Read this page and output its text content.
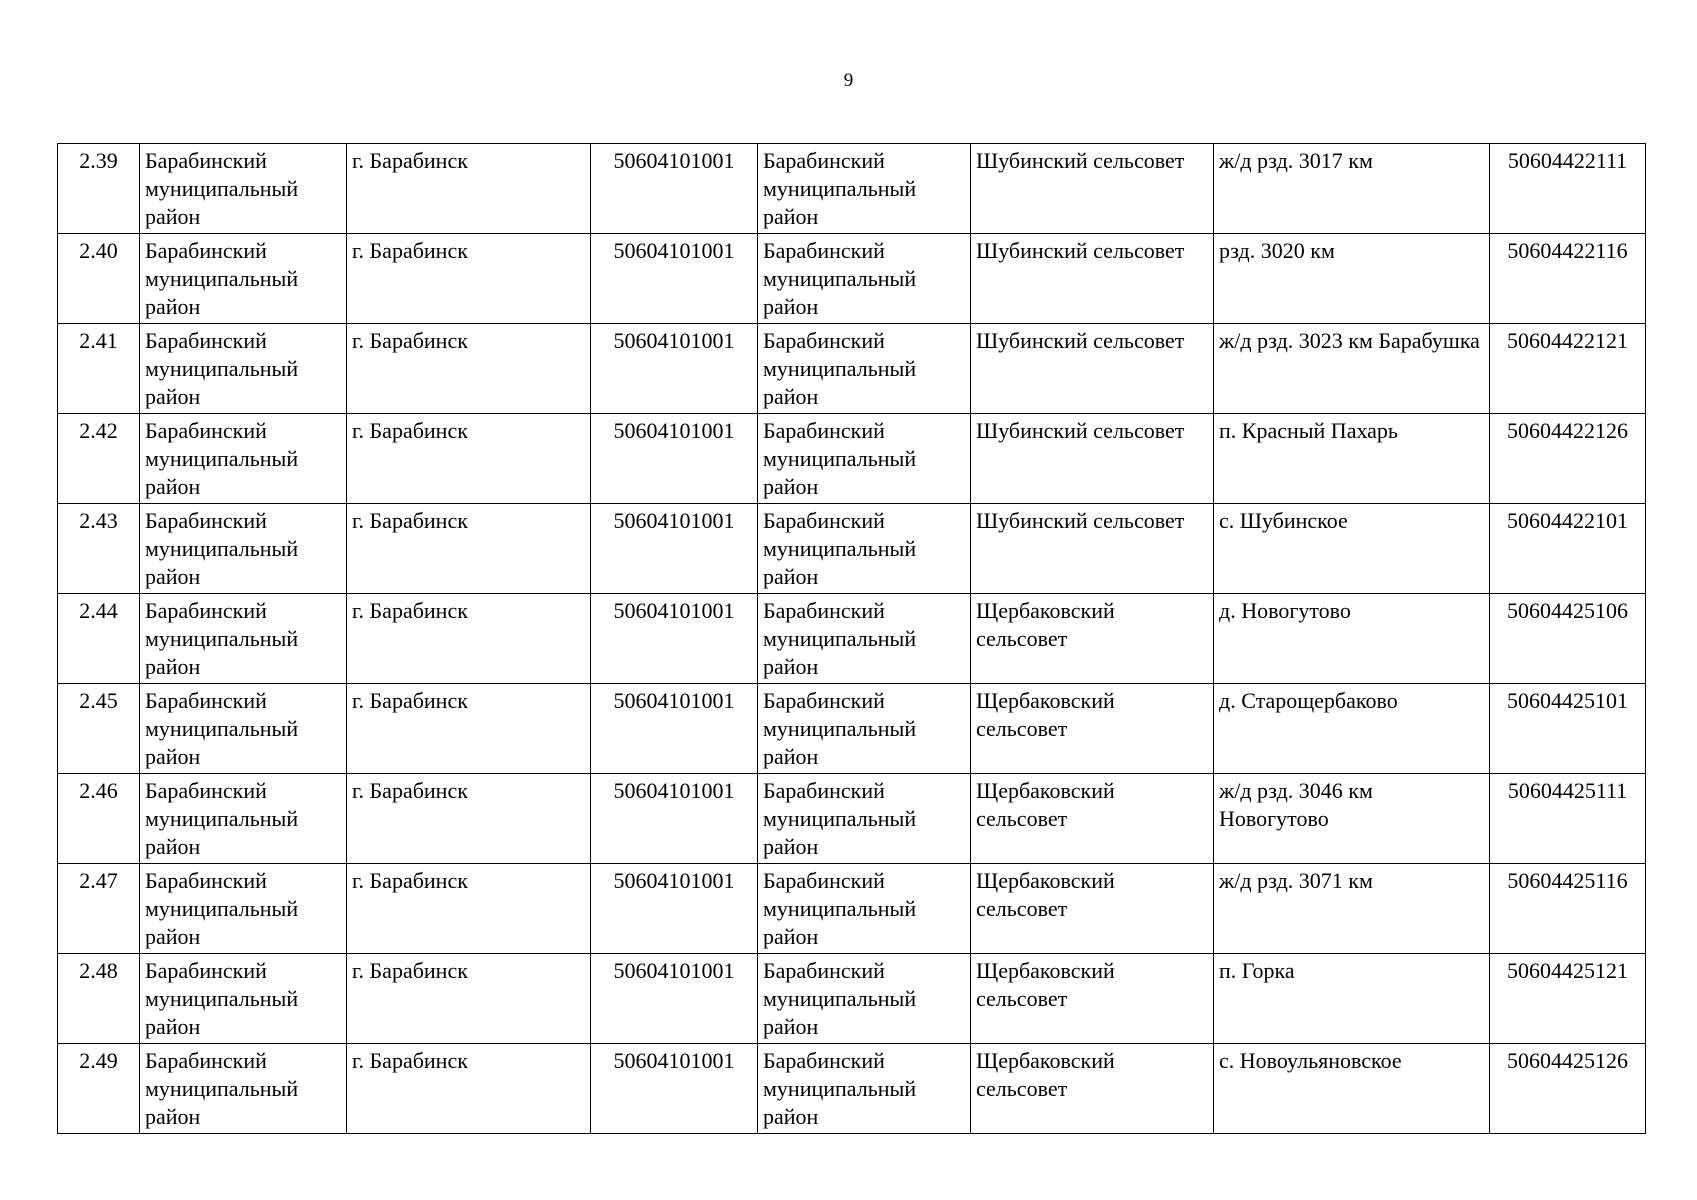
9
2.39	Барабинский муниципальный район	г. Барабинск	50604101001	Барабинский муниципальный район	Шубинский сельсовет	ж/д рзд. 3017 км	50604422111
2.40	Барабинский муниципальный район	г. Барабинск	50604101001	Барабинский муниципальный район	Шубинский сельсовет	рзд. 3020 км	50604422116
2.41	Барабинский муниципальный район	г. Барабинск	50604101001	Барабинский муниципальный район	Шубинский сельсовет	ж/д рзд. 3023 км Барабушка	50604422121
2.42	Барабинский муниципальный район	г. Барабинск	50604101001	Барабинский муниципальный район	Шубинский сельсовет	п. Красный Пахарь	50604422126
2.43	Барабинский муниципальный район	г. Барабинск	50604101001	Барабинский муниципальный район	Шубинский сельсовет	с. Шубинское	50604422101
2.44	Барабинский муниципальный район	г. Барабинск	50604101001	Барабинский муниципальный район	Щербаковский сельсовет	д. Новогутово	50604425106
2.45	Барабинский муниципальный район	г. Барабинск	50604101001	Барабинский муниципальный район	Щербаковский сельсовет	д. Старощербаково	50604425101
2.46	Барабинский муниципальный район	г. Барабинск	50604101001	Барабинский муниципальный район	Щербаковский сельсовет	ж/д рзд. 3046 км Новогутово	50604425111
2.47	Барабинский муниципальный район	г. Барабинск	50604101001	Барабинский муниципальный район	Щербаковский сельсовет	ж/д рзд. 3071 км	50604425116
2.48	Барабинский муниципальный район	г. Барабинск	50604101001	Барабинский муниципальный район	Щербаковский сельсовет	п. Горка	50604425121
2.49	Барабинский муниципальный район	г. Барабинск	50604101001	Барабинский муниципальный район	Щербаковский сельсовет	с. Новоульяновское	50604425126
